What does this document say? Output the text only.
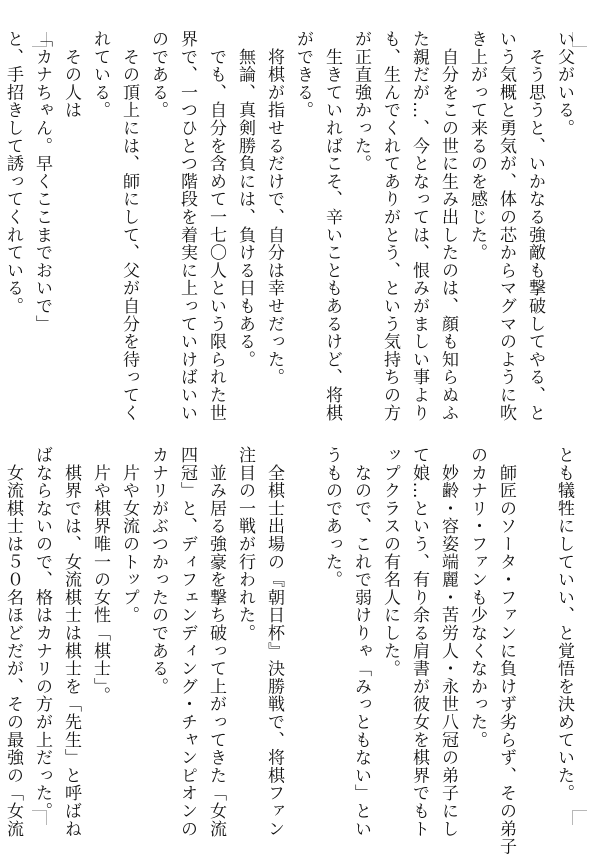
い父がいる。
　そう思うと、いかなる強敵も撃破してやる、と
いう気概と勇気が、体の芯からマグマのように吹
き上がって来るのを感じた。
　自分をこの世に生み出したのは、顔も知らぬふ
た親だが…、今となっては、恨みがましい事より
も、生んでくれてありがとう、という気持ちの方
が正直強かった。
　生きていればこそ、辛いこともあるけど、将棋
ができる。
　将棋が指せるだけで、自分は幸せだった。
　無論、真剣勝負には、負ける日もある。
　でも、自分を含めて一七〇人という限られた世
界で、一つひとつ階段を着実に上っていけばいい
のである。
　その頂上には、師にして、父が自分を待ってく
れている。
　その人は
「カナちゃん。早くここまでおいで」
と、手招きして誘ってくれている。
とも犠牲にしていい、と覚悟を決めていた。

　師匠のソータ・ファンに負けず劣らず、その弟子
のカナリ・ファンも少なくなかった。
　妙齢・容姿端麗・苦労人・永世八冠の弟子にし
て娘…という、有り余る肩書が彼女を棋界でもト
ップクラスの有名人にした。
　なので、これで弱けりゃ「みっともない」とい
うものであった。

　全棋士出場の『朝日杯』決勝戦で、将棋ファン
注目の一戦が行われた。
　並み居る強豪を撃ち破って上がってきた「女流
四冠」と、ディフェンディング・チャンピオンの
カナリがぶつかったのである。
　片や女流のトップ。
　片や棋界唯一の女性「棋士」。
　棋界では、女流棋士は棋士を「先生」と呼ばね
ばならないので、格はカナリの方が上だった。
　女流棋士は５０名ほどだが、その最強の「女流
